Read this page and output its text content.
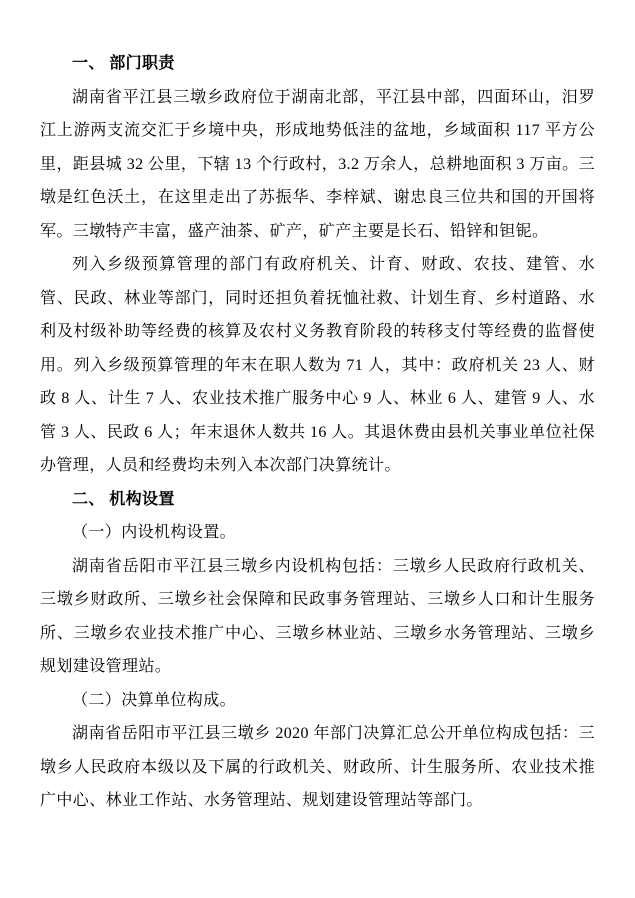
一、 部门职责

湖南省平江县三墩乡政府位于湖南北部，平江县中部，四面环山，汨罗江上游两支流交汇于乡境中央，形成地势低洼的盆地，乡域面积 117 平方公里，距县城 32 公里，下辖 13 个行政村，3.2 万余人，总耕地面积 3 万亩。三墩是红色沃土，在这里走出了苏振华、李梓斌、谢忠良三位共和国的开国将军。三墩特产丰富，盛产油茶、矿产，矿产主要是长石、铅锌和钽铌。

列入乡级预算管理的部门有政府机关、计育、财政、农技、建管、水管、民政、林业等部门，同时还担负着抚恤社救、计划生育、乡村道路、水利及村级补助等经费的核算及农村义务教育阶段的转移支付等经费的监督使用。列入乡级预算管理的年末在职人数为 71 人，其中：政府机关 23 人、财政 8 人、计生 7 人、农业技术推广服务中心 9 人、林业 6 人、建管 9 人、水管 3 人、民政 6 人；年末退休人数共 16 人。其退休费由县机关事业单位社保办管理，人员和经费均未列入本次部门决算统计。

二、 机构设置

（一）内设机构设置。

湖南省岳阳市平江县三墩乡内设机构包括：三墩乡人民政府行政机关、三墩乡财政所、三墩乡社会保障和民政事务管理站、三墩乡人口和计生服务所、三墩乡农业技术推广中心、三墩乡林业站、三墩乡水务管理站、三墩乡规划建设管理站。

（二）决算单位构成。

湖南省岳阳市平江县三墩乡 2020 年部门决算汇总公开单位构成包括：三墩乡人民政府本级以及下属的行政机关、财政所、计生服务所、农业技术推广中心、林业工作站、水务管理站、规划建设管理站等部门。
